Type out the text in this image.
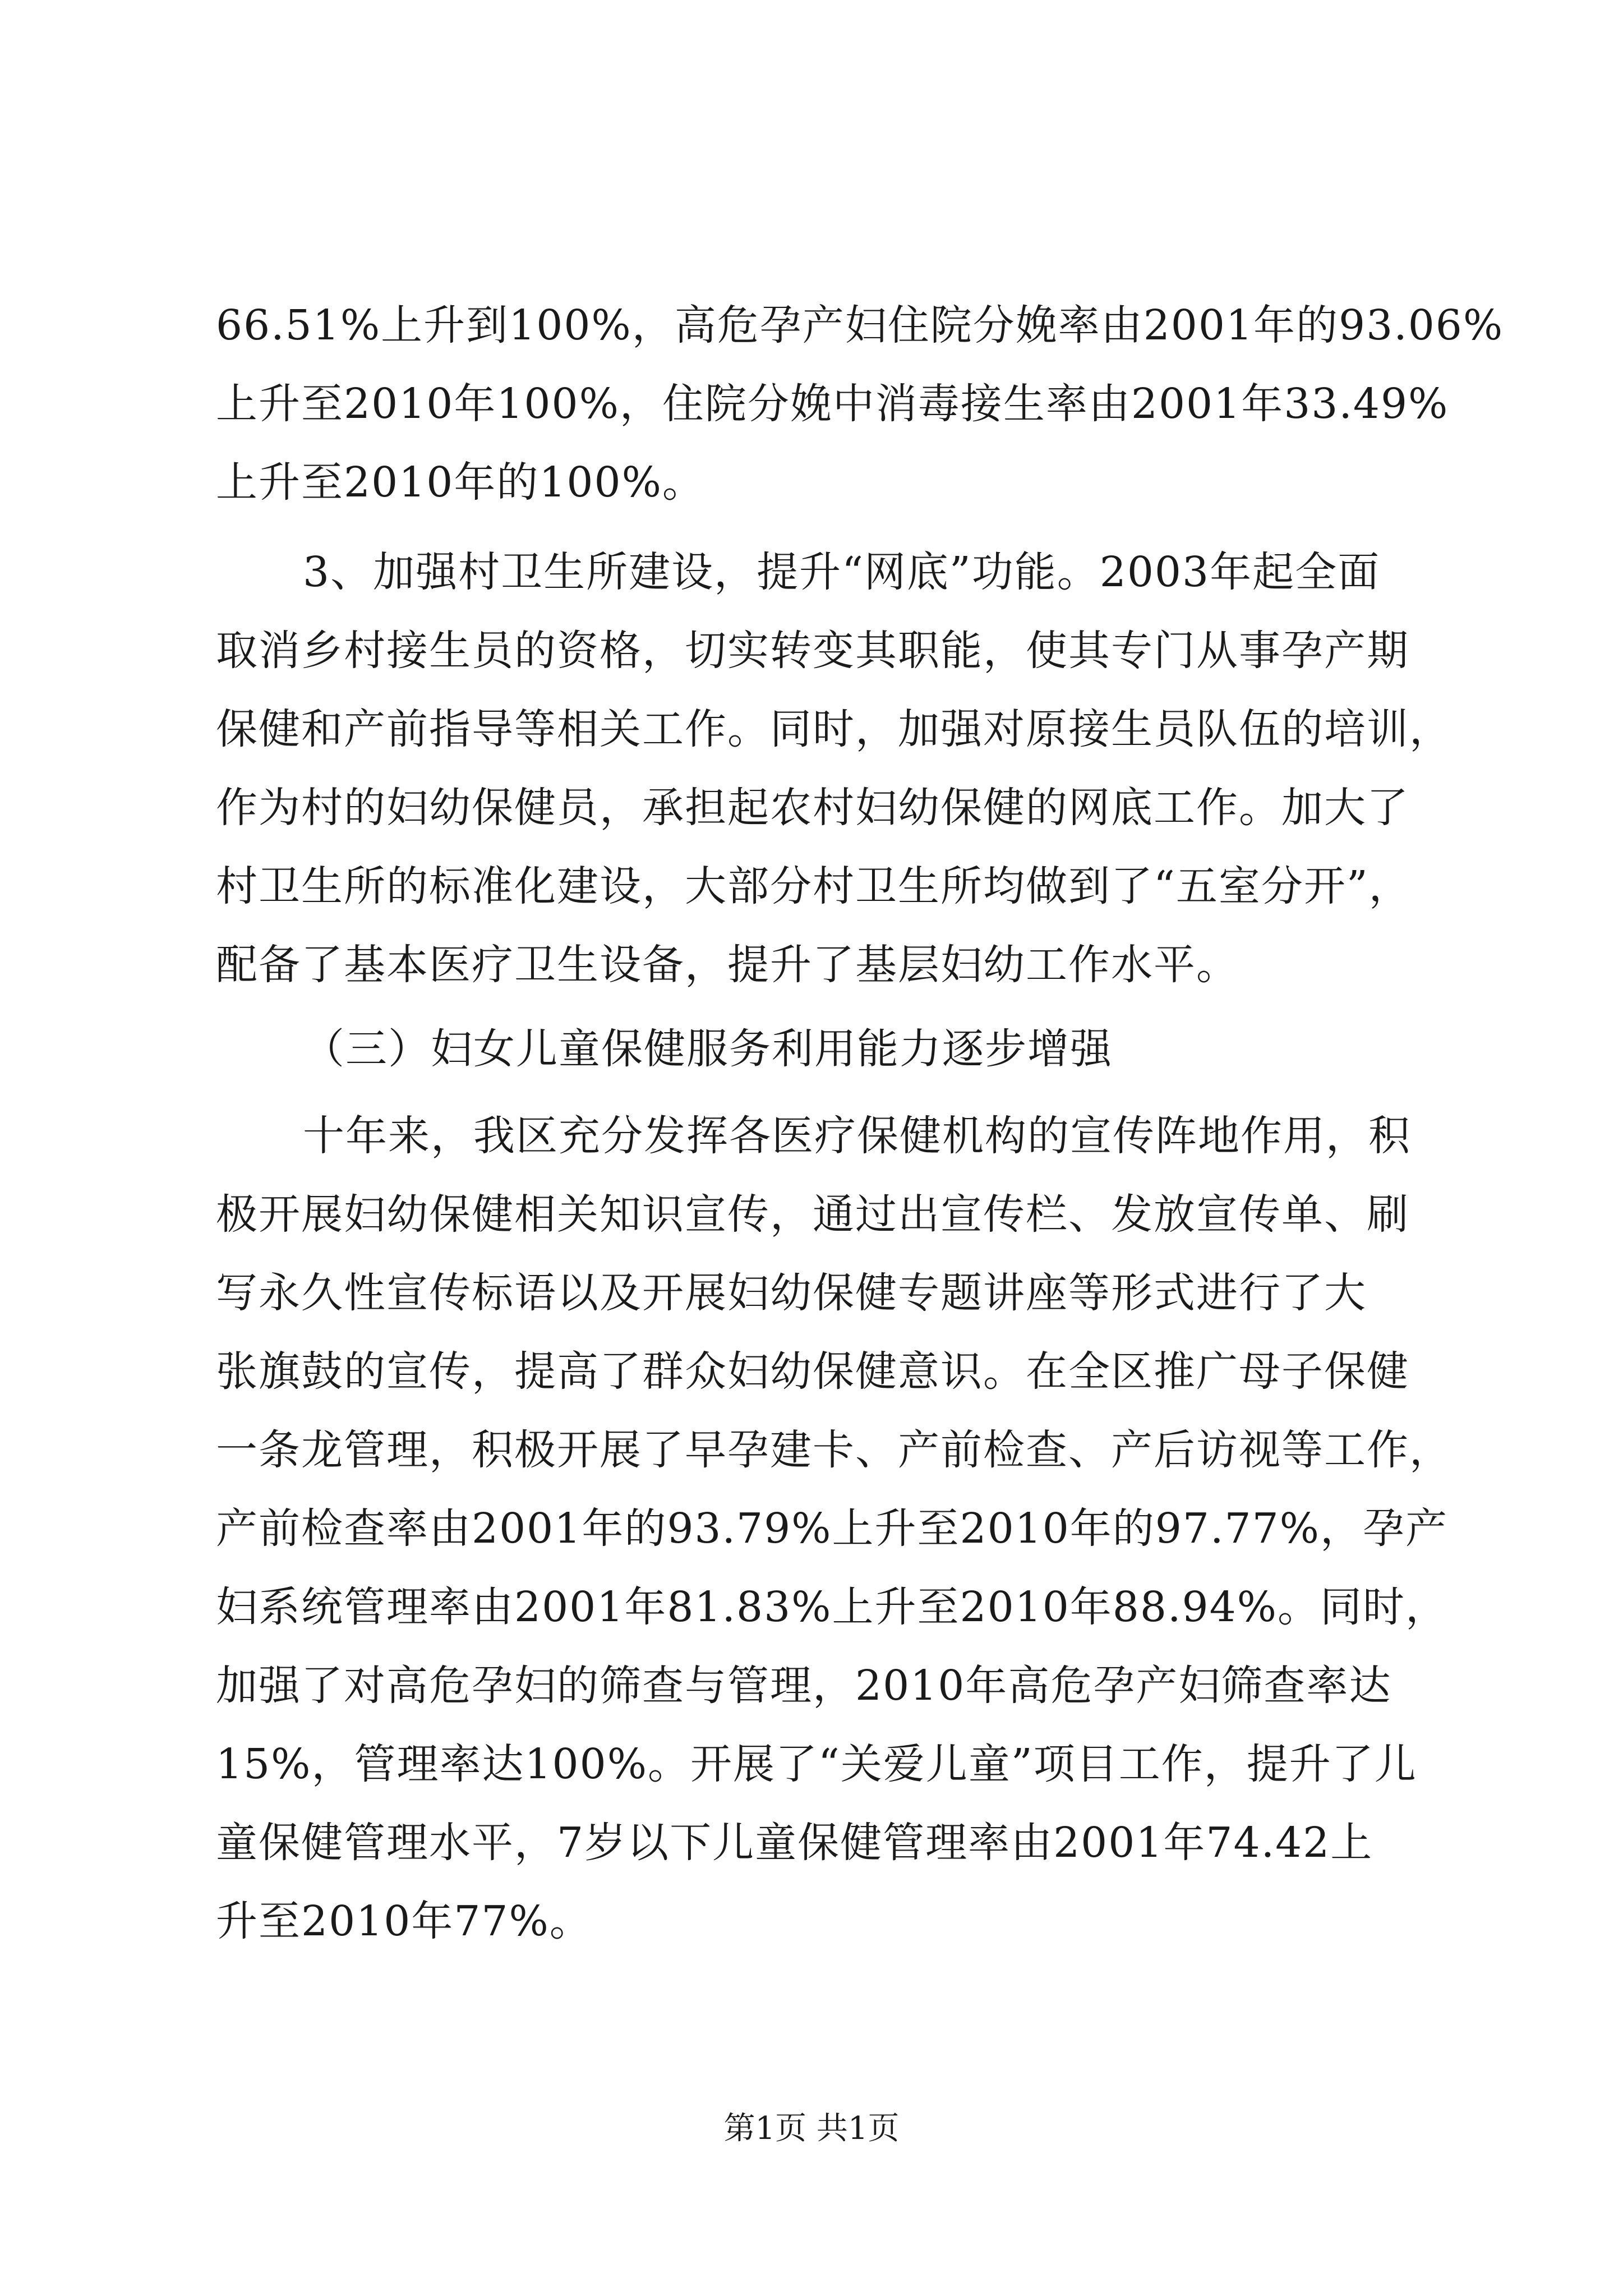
66.51%上升到100%，高危孕产妇住院分娩率由2001年的93.06%
上升至2010年100%，住院分娩中消毒接生率由2001年33.49%
上升至2010年的100%。
3、加强村卫生所建设，提升“网底”功能。2003年起全面
取消乡村接生员的资格，切实转变其职能，使其专门从事孕产期
保健和产前指导等相关工作。同时，加强对原接生员队伍的培训，
作为村的妇幼保健员，承担起农村妇幼保健的网底工作。加大了
村卫生所的标准化建设，大部分村卫生所均做到了“五室分开”，
配备了基本医疗卫生设备，提升了基层妇幼工作水平。
（三）妇女儿童保健服务利用能力逐步增强
十年来，我区充分发挥各医疗保健机构的宣传阵地作用，积
极开展妇幼保健相关知识宣传，通过出宣传栏、发放宣传单、刷
写永久性宣传标语以及开展妇幼保健专题讲座等形式进行了大
张旗鼓的宣传，提高了群众妇幼保健意识。在全区推广母子保健
一条龙管理，积极开展了早孕建卡、产前检查、产后访视等工作，
产前检查率由2001年的93.79%上升至2010年的97.77%，孕产
妇系统管理率由2001年81.83%上升至2010年88.94%。同时，
加强了对高危孕妇的筛查与管理，2010年高危孕产妇筛查率达
15%，管理率达100%。开展了“关爱儿童”项目工作，提升了儿
童保健管理水平，7岁以下儿童保健管理率由2001年74.42上
升至2010年77%。
第1页 共1页
